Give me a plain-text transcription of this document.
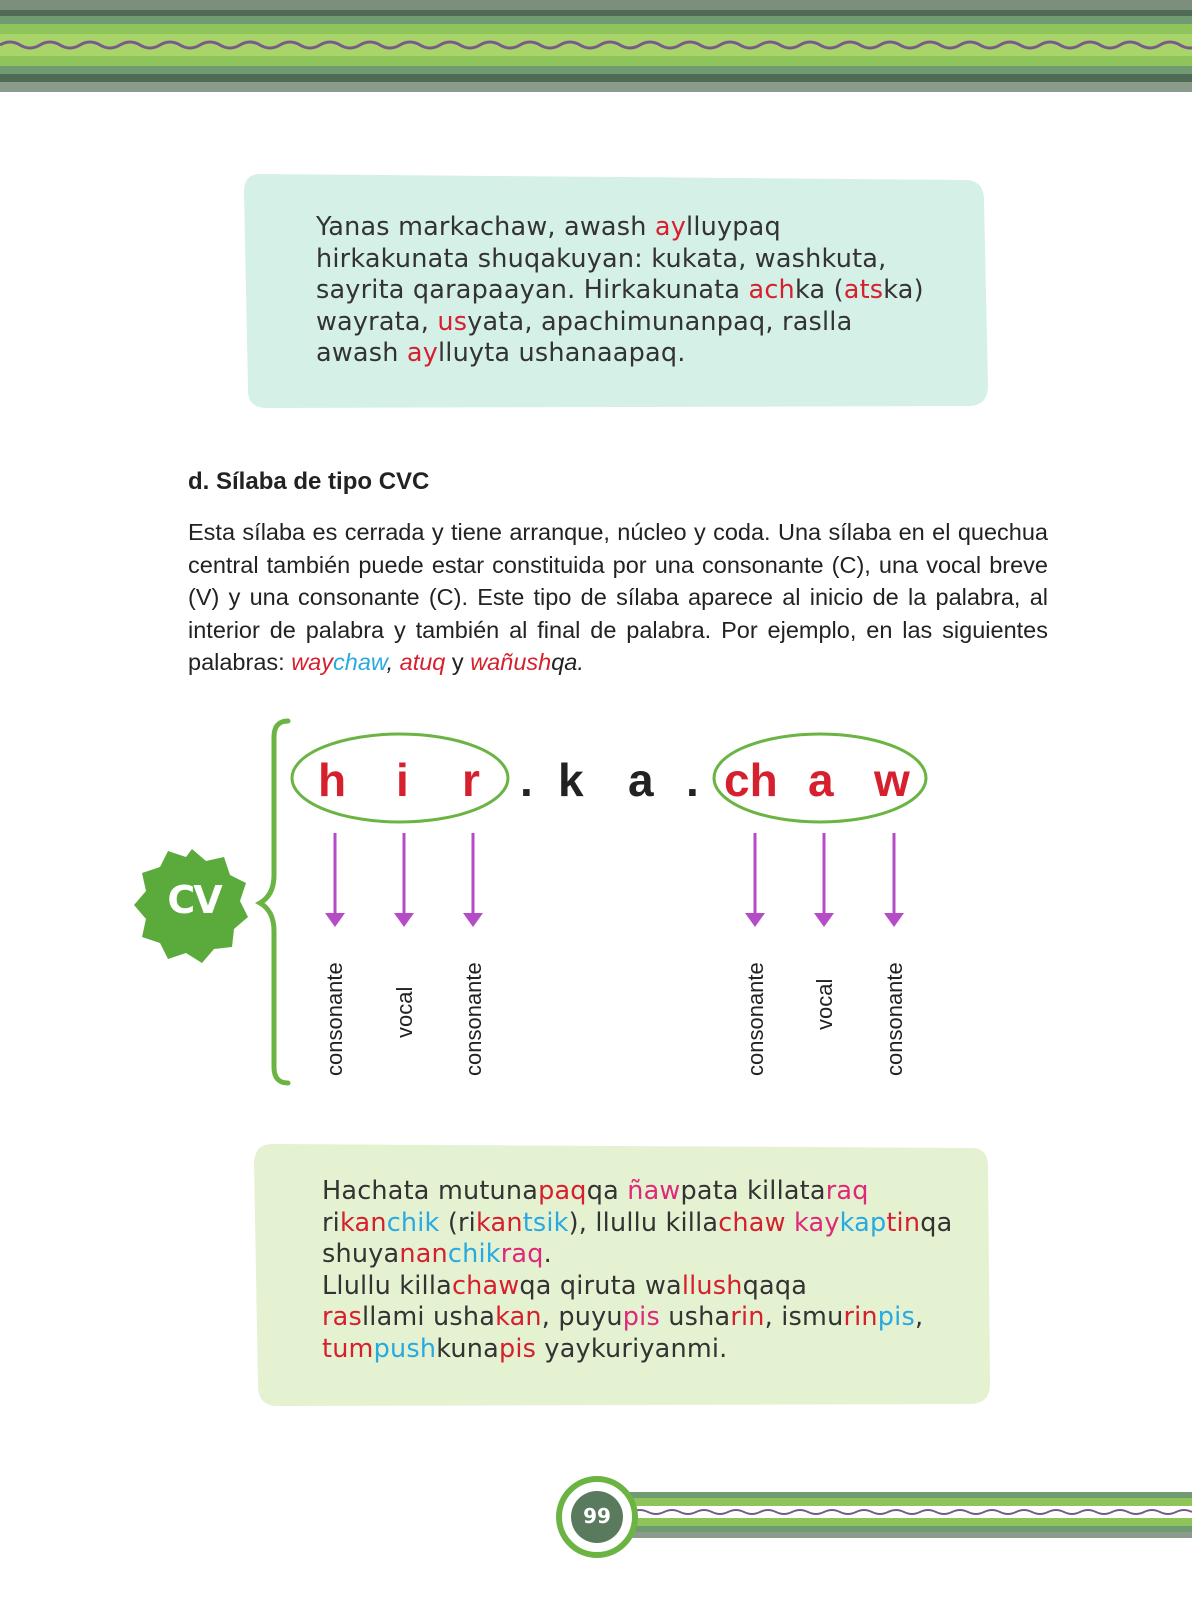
Yanas markachaw, awash aylluypaq
hirkakunata shuqakuyan: kukata, washkuta,
sayrita qarapaayan. Hirkakunata achka (atska)
wayrata, usyata, apachimunanpaq, raslla
awash aylluyta ushanaapaq.
d. Sílaba de tipo CVC
Esta sílaba es cerrada y tiene arranque, núcleo y coda. Una sílaba en el quechua central también puede estar constituida por una consonante (C), una vocal breve (V) y una consonante (C). Este tipo de sílaba aparece al inicio de la palabra, al interior de palabra y también al final de palabra. Por ejemplo, en las siguientes palabras: waychaw, atuq y wañushqa.
CV
h i r . k a . ch a w
consonante vocal consonante	consonante vocal consonante
Hachata mutunapaqqa ñawpata killataraq
rikanchik (rikantsik), llullu killachaw kaykaptinqa
shuyananchikraq.
Llullu killachawqa qiruta wallushqaqa
rasllami ushakan, puyupis usharin, ismurinpis,
tumpushkunapis yaykuriyanmi.
99
